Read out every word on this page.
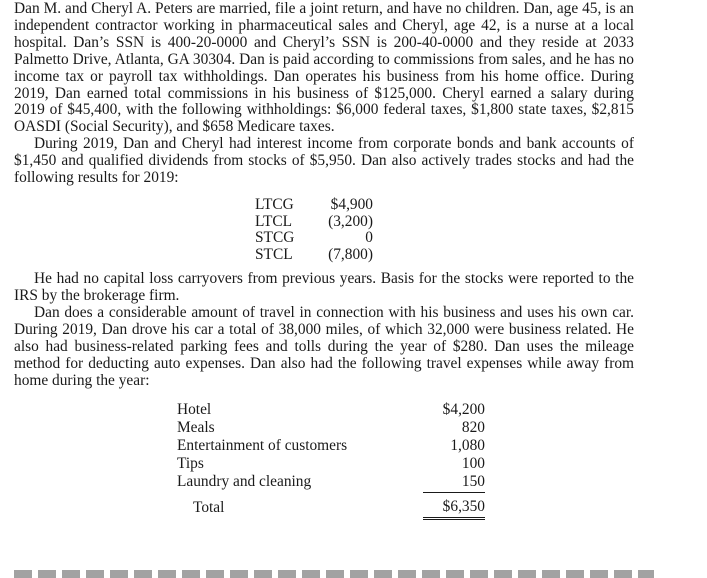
Dan M. and Cheryl A. Peters are married, file a joint return, and have no children. Dan, age 45, is an independent contractor working in pharmaceutical sales and Cheryl, age 42, is a nurse at a local hospital. Dan’s SSN is 400-20-0000 and Cheryl’s SSN is 200-40-0000 and they reside at 2033 Palmetto Drive, Atlanta, GA 30304. Dan is paid according to commissions from sales, and he has no income tax or payroll tax withholdings. Dan operates his business from his home office. During 2019, Dan earned total commissions in his business of $125,000. Cheryl earned a salary during 2019 of $45,400, with the following withholdings: $6,000 federal taxes, $1,800 state taxes, $2,815 OASDI (Social Security), and $658 Medicare taxes.

During 2019, Dan and Cheryl had interest income from corporate bonds and bank accounts of $1,450 and qualified dividends from stocks of $5,950. Dan also actively trades stocks and had the following results for 2019:

LTCG	$4,900
LTCL	(3,200)
STCG	0
STCL	(7,800)

He had no capital loss carryovers from previous years. Basis for the stocks were reported to the IRS by the brokerage firm.

Dan does a considerable amount of travel in connection with his business and uses his own car. During 2019, Dan drove his car a total of 38,000 miles, of which 32,000 were business related. He also had business-related parking fees and tolls during the year of $280. Dan uses the mileage method for deducting auto expenses. Dan also had the following travel expenses while away from home during the year:

Hotel	$4,200
Meals	820
Entertainment of customers	1,080
Tips	100
Laundry and cleaning	150
Total	$6,350
